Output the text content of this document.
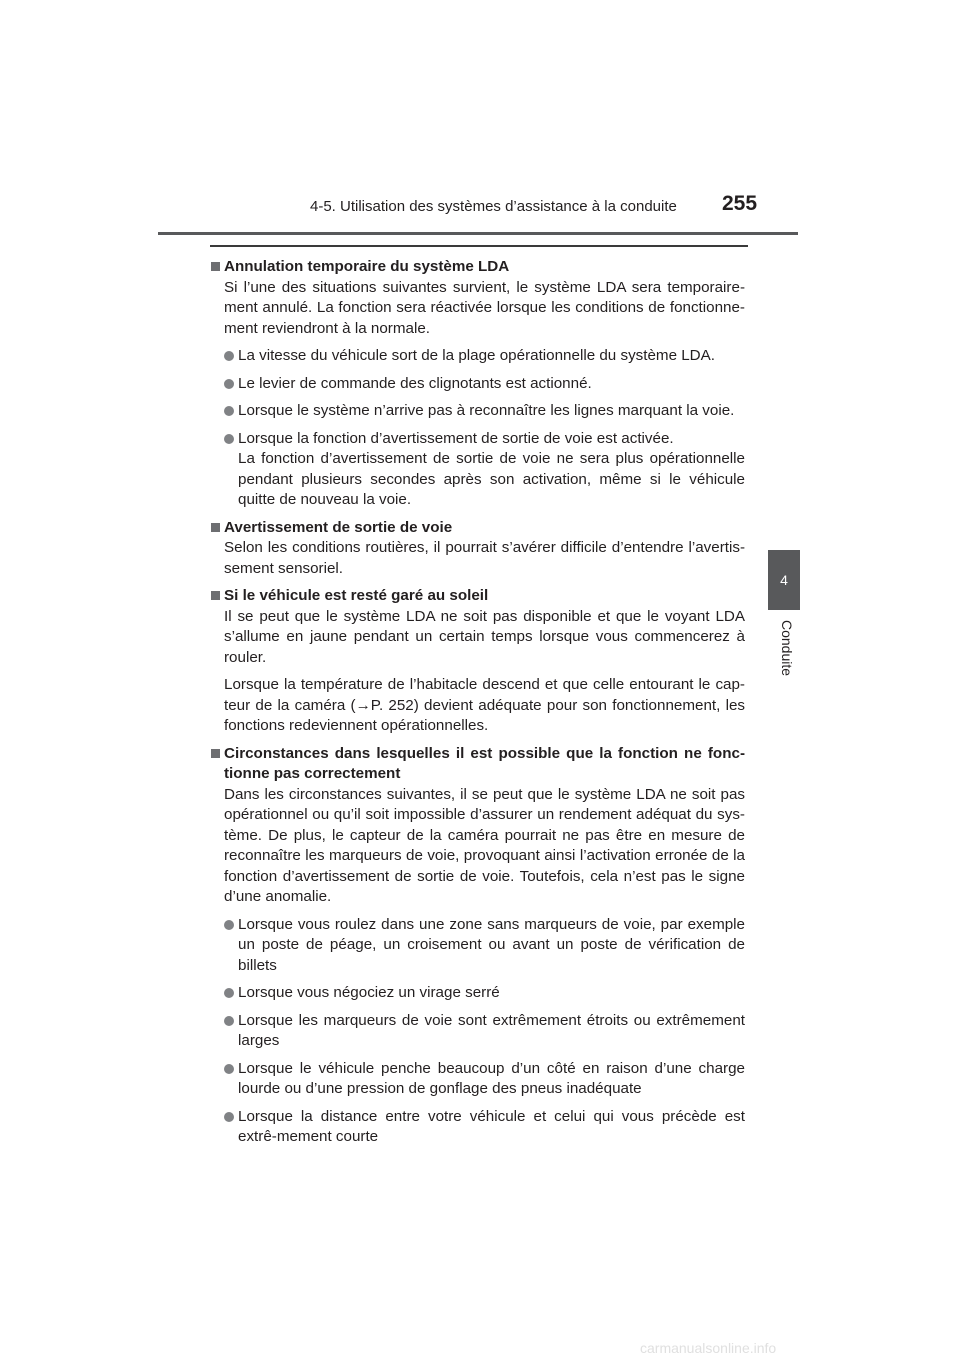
4-5. Utilisation des systèmes d’assistance à la conduite 255
4
Conduite
Annulation temporaire du système LDA

Si l’une des situations suivantes survient, le système LDA sera temporaire-ment annulé. La fonction sera réactivée lorsque les conditions de fonctionne-ment reviendront à la normale.

La vitesse du véhicule sort de la plage opérationnelle du système LDA.
Le levier de commande des clignotants est actionné.
Lorsque le système n’arrive pas à reconnaître les lignes marquant la voie.
Lorsque la fonction d’avertissement de sortie de voie est activée.
La fonction d’avertissement de sortie de voie ne sera plus opérationnelle pendant plusieurs secondes après son activation, même si le véhicule quitte de nouveau la voie.
Avertissement de sortie de voie

Selon les conditions routières, il pourrait s’avérer difficile d’entendre l’avertis-sement sensoriel.

Si le véhicule est resté garé au soleil

Il se peut que le système LDA ne soit pas disponible et que le voyant LDA s’allume en jaune pendant un certain temps lorsque vous commencerez à rouler.

Lorsque la température de l’habitacle descend et que celle entourant le cap-teur de la caméra (→P. 252) devient adéquate pour son fonctionnement, les fonctions redeviennent opérationnelles.

Circonstances dans lesquelles il est possible que la fonction ne fonc-tionne pas correctement

Dans les circonstances suivantes, il se peut que le système LDA ne soit pas opérationnel ou qu’il soit impossible d’assurer un rendement adéquat du sys-tème. De plus, le capteur de la caméra pourrait ne pas être en mesure de reconnaître les marqueurs de voie, provoquant ainsi l’activation erronée de la fonction d’avertissement de sortie de voie. Toutefois, cela n’est pas le signe d’une anomalie.

Lorsque vous roulez dans une zone sans marqueurs de voie, par exemple un poste de péage, un croisement ou avant un poste de vérification de billets
Lorsque vous négociez un virage serré
Lorsque les marqueurs de voie sont extrêmement étroits ou extrêmement larges
Lorsque le véhicule penche beaucoup d’un côté en raison d’une charge lourde ou d’une pression de gonflage des pneus inadéquate
Lorsque la distance entre votre véhicule et celui qui vous précède est extrê-mement courte
carmanualsonline.info
